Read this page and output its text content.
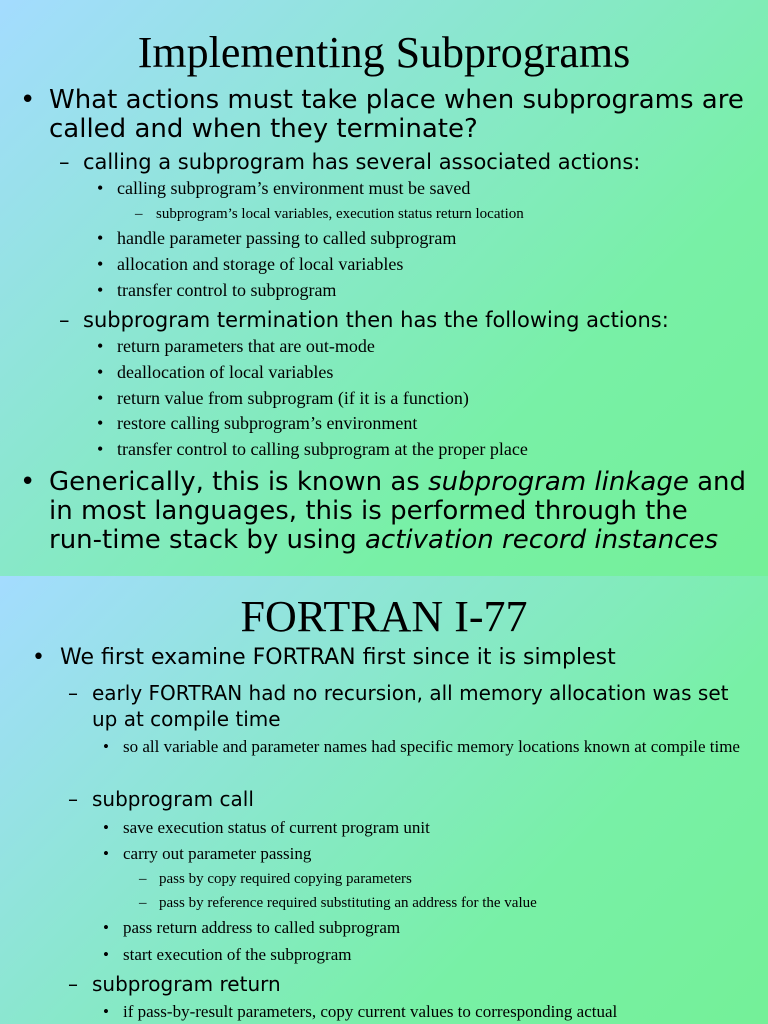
Implementing Subprograms
• What actions must take place when subprograms are called and when they terminate?
– calling a subprogram has several associated actions:
• calling subprogram’s environment must be saved
– subprogram’s local variables, execution status return location
• handle parameter passing to called subprogram
• allocation and storage of local variables
• transfer control to subprogram
– subprogram termination then has the following actions:
• return parameters that are out-mode
• deallocation of local variables
• return value from subprogram (if it is a function)
• restore calling subprogram’s environment
• transfer control to calling subprogram at the proper place
• Generically, this is known as subprogram linkage and in most languages, this is performed through the run-time stack by using activation record instances
FORTRAN I-77
• We first examine FORTRAN first since it is simplest
– early FORTRAN had no recursion, all memory allocation was set up at compile time
• so all variable and parameter names had specific memory locations known at compile time
– subprogram call
• save execution status of current program unit
• carry out parameter passing
– pass by copy required copying parameters
– pass by reference required substituting an address for the value
• pass return address to called subprogram
• start execution of the subprogram
– subprogram return
• if pass-by-result parameters, copy current values to corresponding actual
